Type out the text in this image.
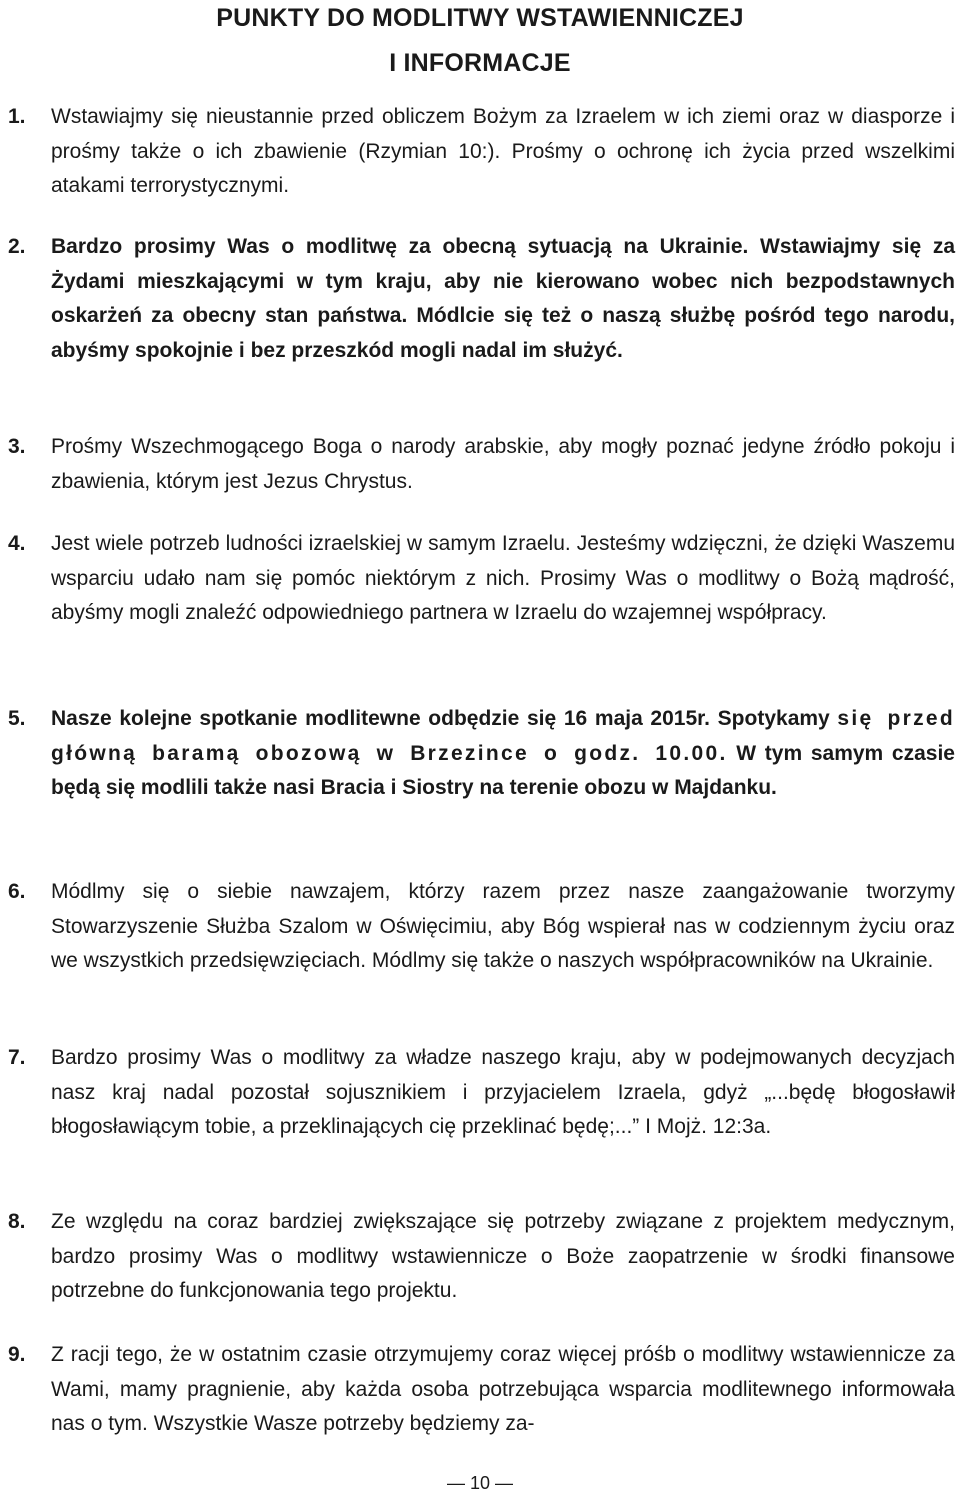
PUNKTY DO MODLITWY WSTAWIENNICZEJ
I INFORMACJE
1. Wstawiajmy się nieustannie przed obliczem Bożym za Izraelem w ich ziemi oraz w diasporze i prośmy także o ich zbawienie (Rzymian 10:). Prośmy o ochronę ich życia przed wszelkimi atakami terrorystycznymi.
2. Bardzo prosimy Was o modlitwę za obecną sytuacją na Ukrainie. Wstawiajmy się za Żydami mieszkającymi w tym kraju, aby nie kierowano wobec nich bezpodstawnych oskarżeń za obecny stan państwa. Módlcie się też o naszą służbę pośród tego narodu, abyśmy spokojnie i bez przeszkód mogli nadal im służyć.
3. Prośmy Wszechmogącego Boga o narody arabskie, aby mogły poznać jedyne źródło pokoju i zbawienia, którym jest Jezus Chrystus.
4. Jest wiele potrzeb ludności izraelskiej w samym Izraelu. Jesteśmy wdzięczni, że dzięki Waszemu wsparciu udało nam się pomóc niektórym z nich. Prosimy Was o modlitwy o Bożą mądrość, abyśmy mogli znaleźć odpowiedniego partnera w Izraelu do wzajemnej współpracy.
5. Nasze kolejne spotkanie modlitewne odbędzie się 16 maja 2015r. Spotykamy się przed główną baramą obozową w Brzezince o godz. 10.00. W tym samym czasie będą się modlili także nasi Bracia i Siostry na terenie obozu w Majdanku.
6. Módlmy się o siebie nawzajem, którzy razem przez nasze zaangażowanie tworzymy Stowarzyszenie Służba Szalom w Oświęcimiu, aby Bóg wspierał nas w codziennym życiu oraz we wszystkich przedsięwzięciach. Módlmy się także o naszych współpracowników na Ukrainie.
7. Bardzo prosimy Was o modlitwy za władze naszego kraju, aby w podejmowanych decyzjach nasz kraj nadal pozostał sojusznikiem i przyjacielem Izraela, gdyż „...będę błogosławił błogosławiącym tobie, a przeklinających cię przeklinać będę;...” I Mojż. 12:3a.
8. Ze względu na coraz bardziej zwiększające się potrzeby związane z projektem medycznym, bardzo prosimy Was o modlitwy wstawiennicze o Boże zaopatrzenie w środki finansowe potrzebne do funkcjonowania tego projektu.
9. Z racji tego, że w ostatnim czasie otrzymujemy coraz więcej próśb o modlitwy wstawiennicze za Wami, mamy pragnienie, aby każda osoba potrzebująca wsparcia modlitewnego informowała nas o tym. Wszystkie Wasze potrzeby będziemy za-
— 10 —
